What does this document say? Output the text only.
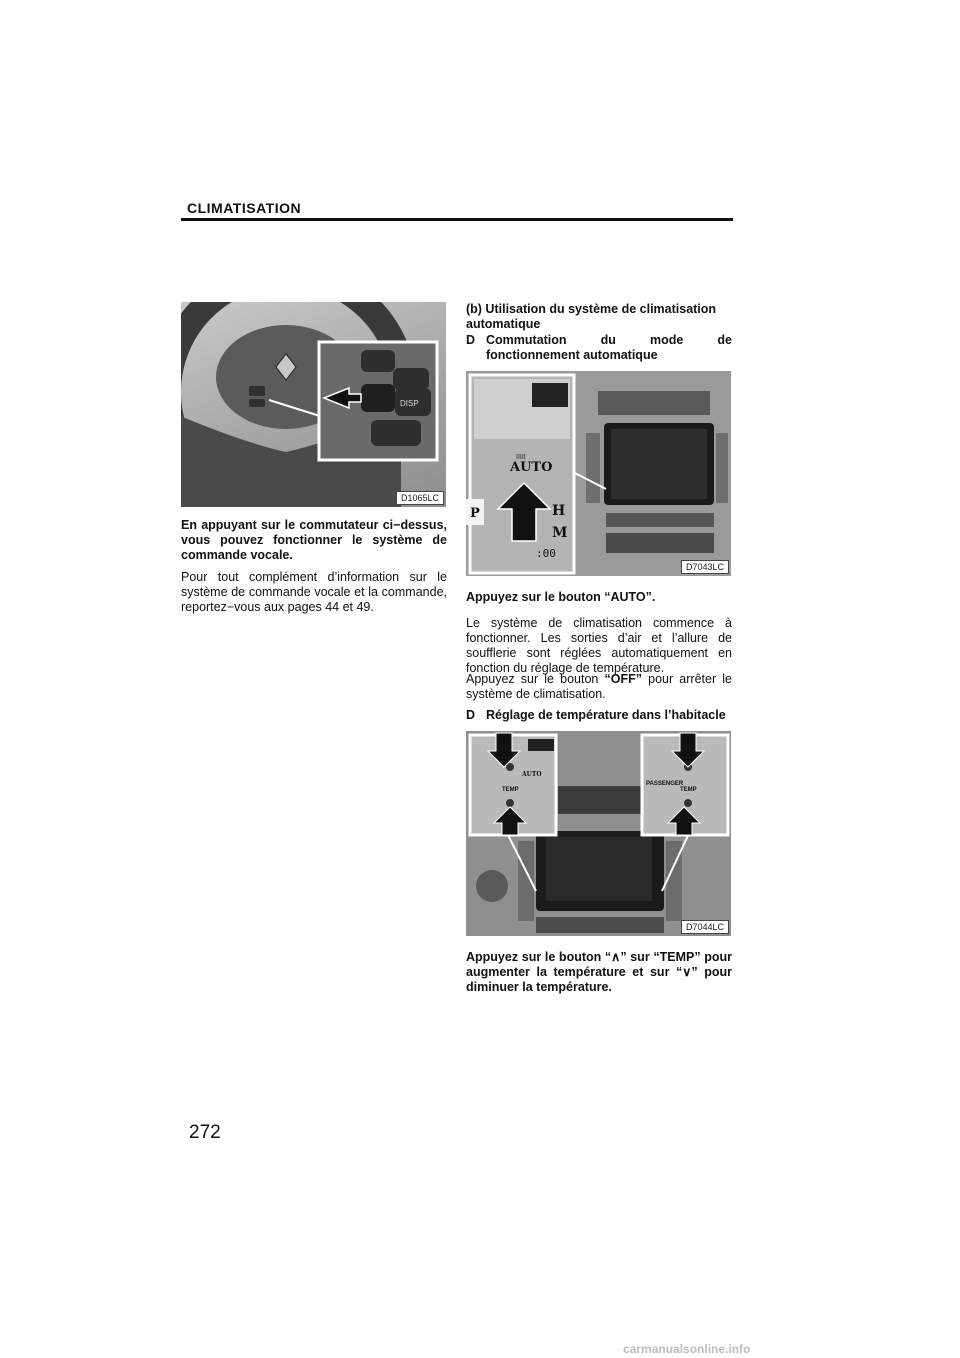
CLIMATISATION
DISP
D1065LC
En appuyant sur le commutateur ci−dessus, vous pouvez fonctionner le système de commande vocale.
Pour tout complément d’information sur le système de commande vocale et la commande, reportez−vous aux pages 44 et 49.
(b) Utilisation du système de climatisation automatique
D Commutation du mode de fonctionnement automatique
IIIII
AUTO
H
M
:00
P
D7043LC
Appuyez sur le bouton “AUTO”.
Le système de climatisation commence à fonctionner. Les sorties d’air et l’allure de soufflerie sont réglées automatiquement en fonction du réglage de température.
Appuyez sur le bouton “OFF” pour arrêter le système de climatisation.
D Réglage de température dans l’habitacle
AUTO
TEMP
PASSENGER
TEMP
D7044LC
Appuyez sur le bouton “∧” sur “TEMP” pour augmenter la température et sur “∨” pour diminuer la température.
272
carmanualsonline.info
